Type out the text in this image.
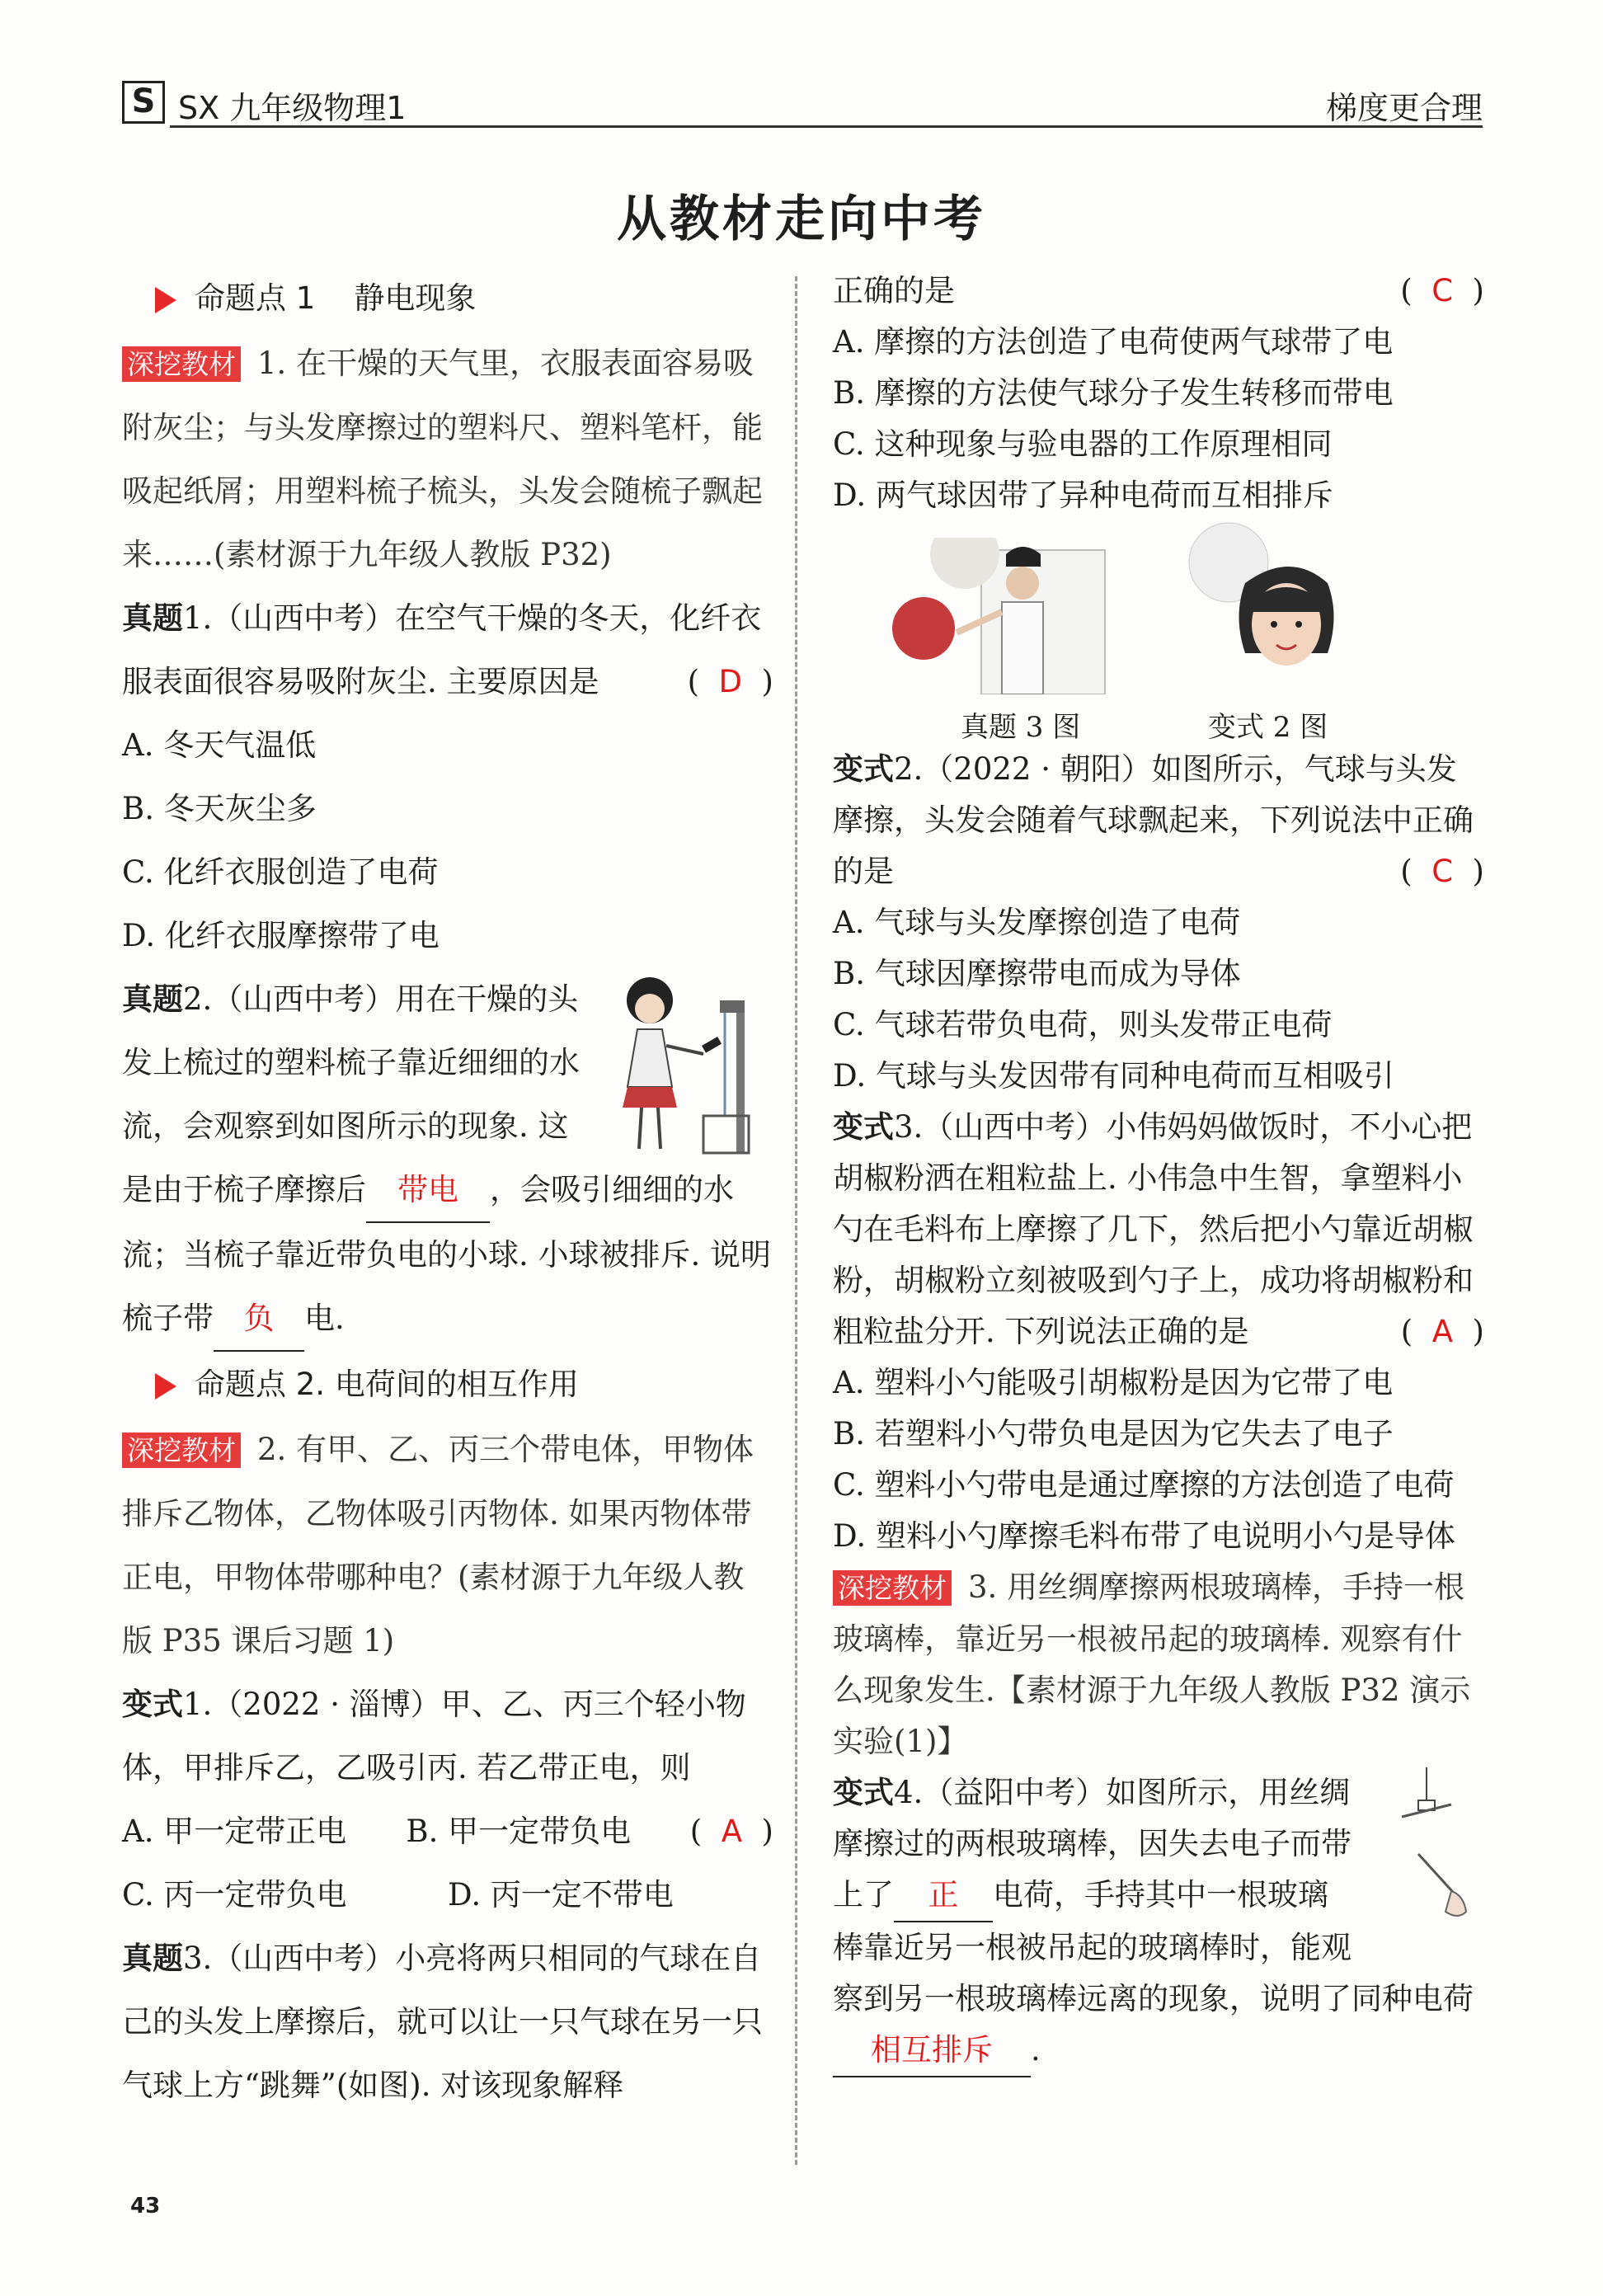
S SX 九年级物理1	梯度更合理
从教材走向中考
命题点 1 静电现象
深挖教材 1. 在干燥的天气里，衣服表面容易吸附灰尘；与头发摩擦过的塑料尺、塑料笔杆，能吸起纸屑；用塑料梳子梳头，头发会随梳子飘起来……(素材源于九年级人教版 P32)
真题1.（山西中考）在空气干燥的冬天，化纤衣服表面很容易吸附灰尘. 主要原因是	(  D  )
A. 冬天气温低
B. 冬天灰尘多
C. 化纤衣服创造了电荷
D. 化纤衣服摩擦带了电
真题2.（山西中考）用在干燥的头发上梳过的塑料梳子靠近细细的水流，会观察到如图所示的现象. 这是由于梳子摩擦后 带电 ，会吸引细细的水流；当梳子靠近带负电的小球. 小球被排斥. 说明梳子带 负 电.
命题点 2. 电荷间的相互作用
深挖教材 2. 有甲、乙、丙三个带电体，甲物体排斥乙物体，乙物体吸引丙物体. 如果丙物体带正电，甲物体带哪种电？(素材源于九年级人教版 P35 课后习题 1)
变式1.（2022 · 淄博）甲、乙、丙三个轻小物体，甲排斥乙，乙吸引丙. 若乙带正电，则
(  A  )
A. 甲一定带正电	B. 甲一定带负电
C. 丙一定带负电	D. 丙一定不带电
真题3.（山西中考）小亮将两只相同的气球在自己的头发上摩擦后，就可以让一只气球在另一只气球上方“跳舞”(如图). 对该现象解释
正确的是	(  C  )
A. 摩擦的方法创造了电荷使两气球带了电
B. 摩擦的方法使气球分子发生转移而带电
C. 这种现象与验电器的工作原理相同
D. 两气球因带了异种电荷而互相排斥
真题 3 图	变式 2 图
变式2.（2022 · 朝阳）如图所示，气球与头发摩擦，头发会随着气球飘起来，下列说法中正确的是	(  C  )
A. 气球与头发摩擦创造了电荷
B. 气球因摩擦带电而成为导体
C. 气球若带负电荷，则头发带正电荷
D. 气球与头发因带有同种电荷而互相吸引
变式3.（山西中考）小伟妈妈做饭时，不小心把胡椒粉洒在粗粒盐上. 小伟急中生智，拿塑料小勺在毛料布上摩擦了几下，然后把小勺靠近胡椒粉，胡椒粉立刻被吸到勺子上，成功将胡椒粉和粗粒盐分开. 下列说法正确的是	(  A  )
A. 塑料小勺能吸引胡椒粉是因为它带了电
B. 若塑料小勺带负电是因为它失去了电子
C. 塑料小勺带电是通过摩擦的方法创造了电荷
D. 塑料小勺摩擦毛料布带了电说明小勺是导体
深挖教材 3. 用丝绸摩擦两根玻璃棒，手持一根玻璃棒，靠近另一根被吊起的玻璃棒. 观察有什么现象发生.【素材源于九年级人教版 P32 演示实验(1)】
变式4.（益阳中考）如图所示，用丝绸摩擦过的两根玻璃棒，因失去电子而带上了 正 电荷，手持其中一根玻璃棒靠近另一根被吊起的玻璃棒时，能观察到另一根玻璃棒远离的现象，说明了同种电荷相互排斥 .
43
